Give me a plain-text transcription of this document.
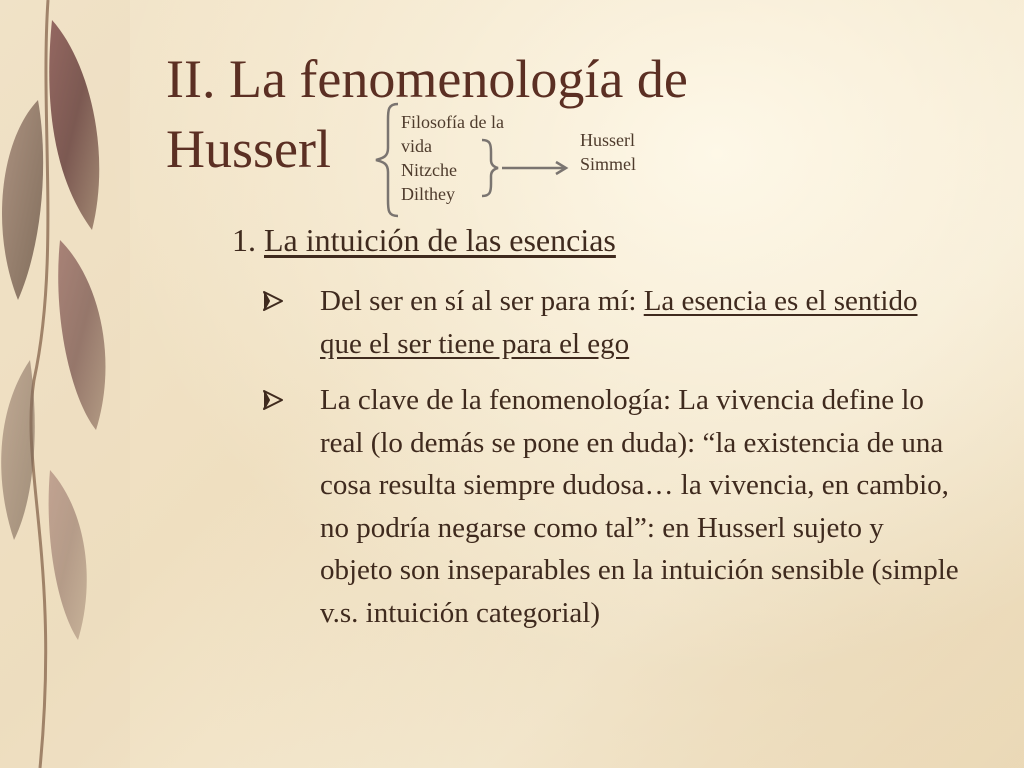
II. La fenomenología de
Husserl	Filosofía de la
vida
Nitzche
Dilthey
Husserl
Simmel
1. La intuición de las esencias
Del ser en sí al ser para mí: La esencia es el sentido que el ser tiene para el ego
La clave de la fenomenología: La vivencia define lo real (lo demás se pone en duda): “la existencia de una cosa resulta siempre dudosa… la vivencia, en cambio, no podría negarse como tal”: en Husserl sujeto y objeto son inseparables en la intuición sensible (simple v.s. intuición categorial)
